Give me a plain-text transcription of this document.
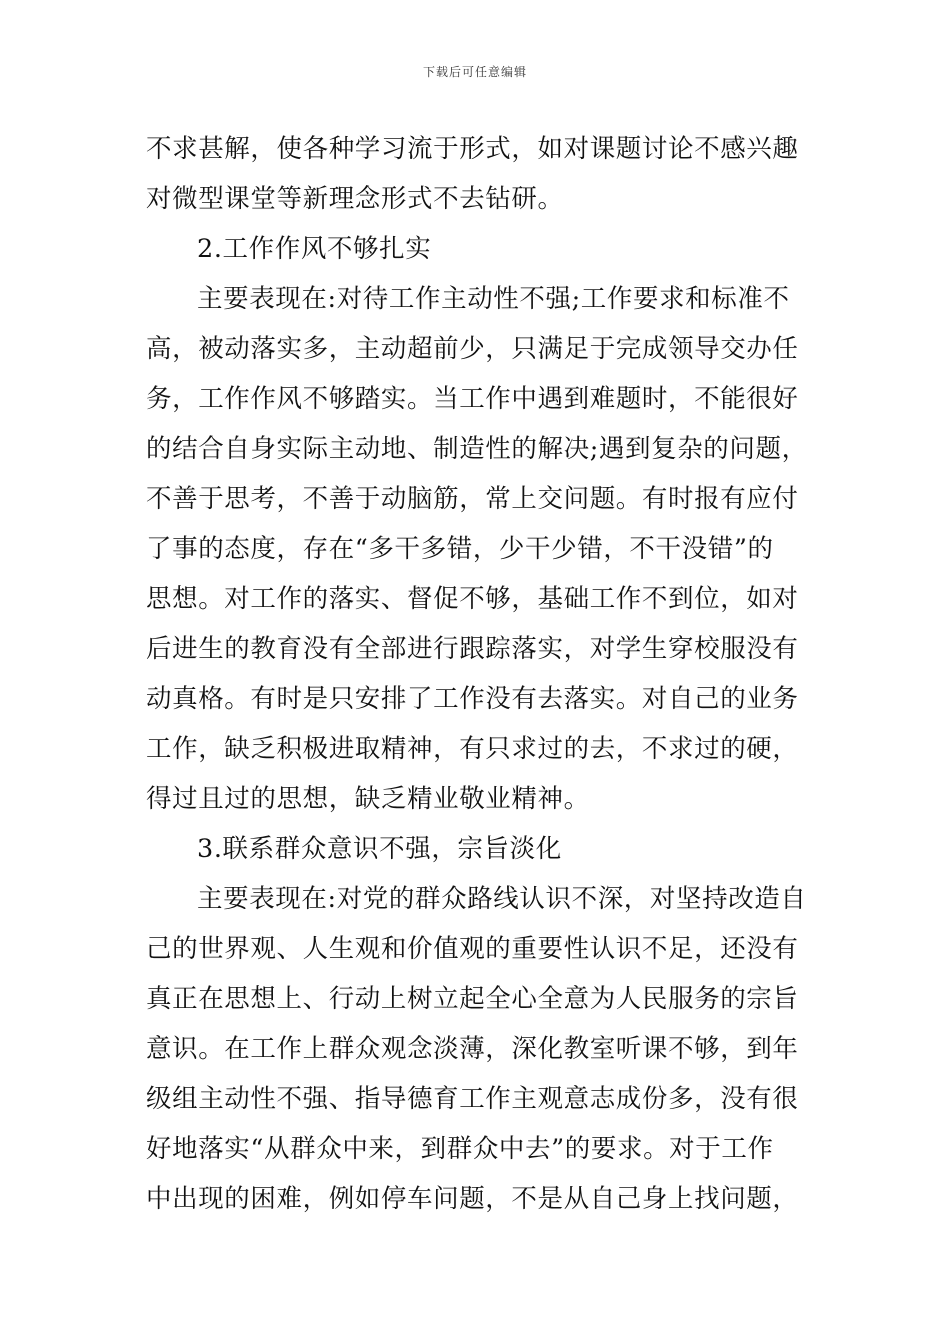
下载后可任意编辑
不求甚解，使各种学习流于形式，如对课题讨论不感兴趣
对微型课堂等新理念形式不去钻研。
2.工作作风不够扎实
主要表现在:对待工作主动性不强;工作要求和标准不
高，被动落实多，主动超前少，只满足于完成领导交办任
务，工作作风不够踏实。当工作中遇到难题时，不能很好
的结合自身实际主动地、制造性的解决;遇到复杂的问题，
不善于思考，不善于动脑筋，常上交问题。有时报有应付
了事的态度，存在“多干多错，少干少错，不干没错”的
思想。对工作的落实、督促不够，基础工作不到位，如对
后进生的教育没有全部进行跟踪落实，对学生穿校服没有
动真格。有时是只安排了工作没有去落实。对自己的业务
工作，缺乏积极进取精神，有只求过的去，不求过的硬，
得过且过的思想，缺乏精业敬业精神。
3.联系群众意识不强，宗旨淡化
主要表现在:对党的群众路线认识不深，对坚持改造自
己的世界观、人生观和价值观的重要性认识不足，还没有
真正在思想上、行动上树立起全心全意为人民服务的宗旨
意识。在工作上群众观念淡薄，深化教室听课不够，到年
级组主动性不强、指导德育工作主观意志成份多，没有很
好地落实“从群众中来，到群众中去”的要求。对于工作
中出现的困难，例如停车问题，不是从自己身上找问题，
